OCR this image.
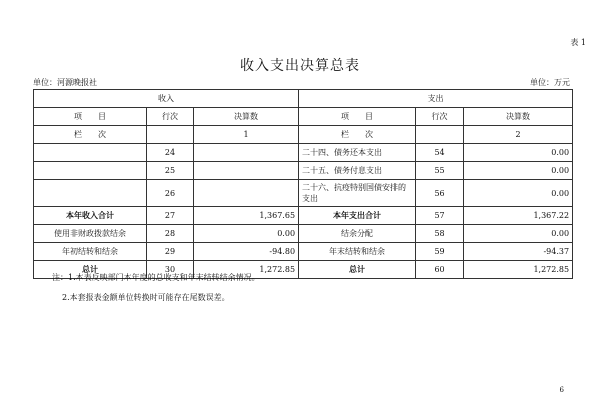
表 1
收入支出决算总表
单位：河源晚报社	单位：万元
收入			支出		
项　　目	行次	决算数	项　　目	行次	决算数
栏　　次		1	栏　　次		2
	24		二十四、债务还本支出	54	0.00
	25		二十五、债务付息支出	55	0.00
	26		二十六、抗疫特别国债安排的支出	56	0.00
本年收入合计	27	1,367.65	本年支出合计	57	1,367.22
使用非财政拨款结余	28	0.00	结余分配	58	0.00
年初结转和结余	29	-94.80	年末结转和结余	59	-94.37
总计	30	1,272.85	总计	60	1,272.85
注：1.本表反映部门本年度的总收支和年末结转结余情况。
2.本套报表金额单位转换时可能存在尾数误差。
6
